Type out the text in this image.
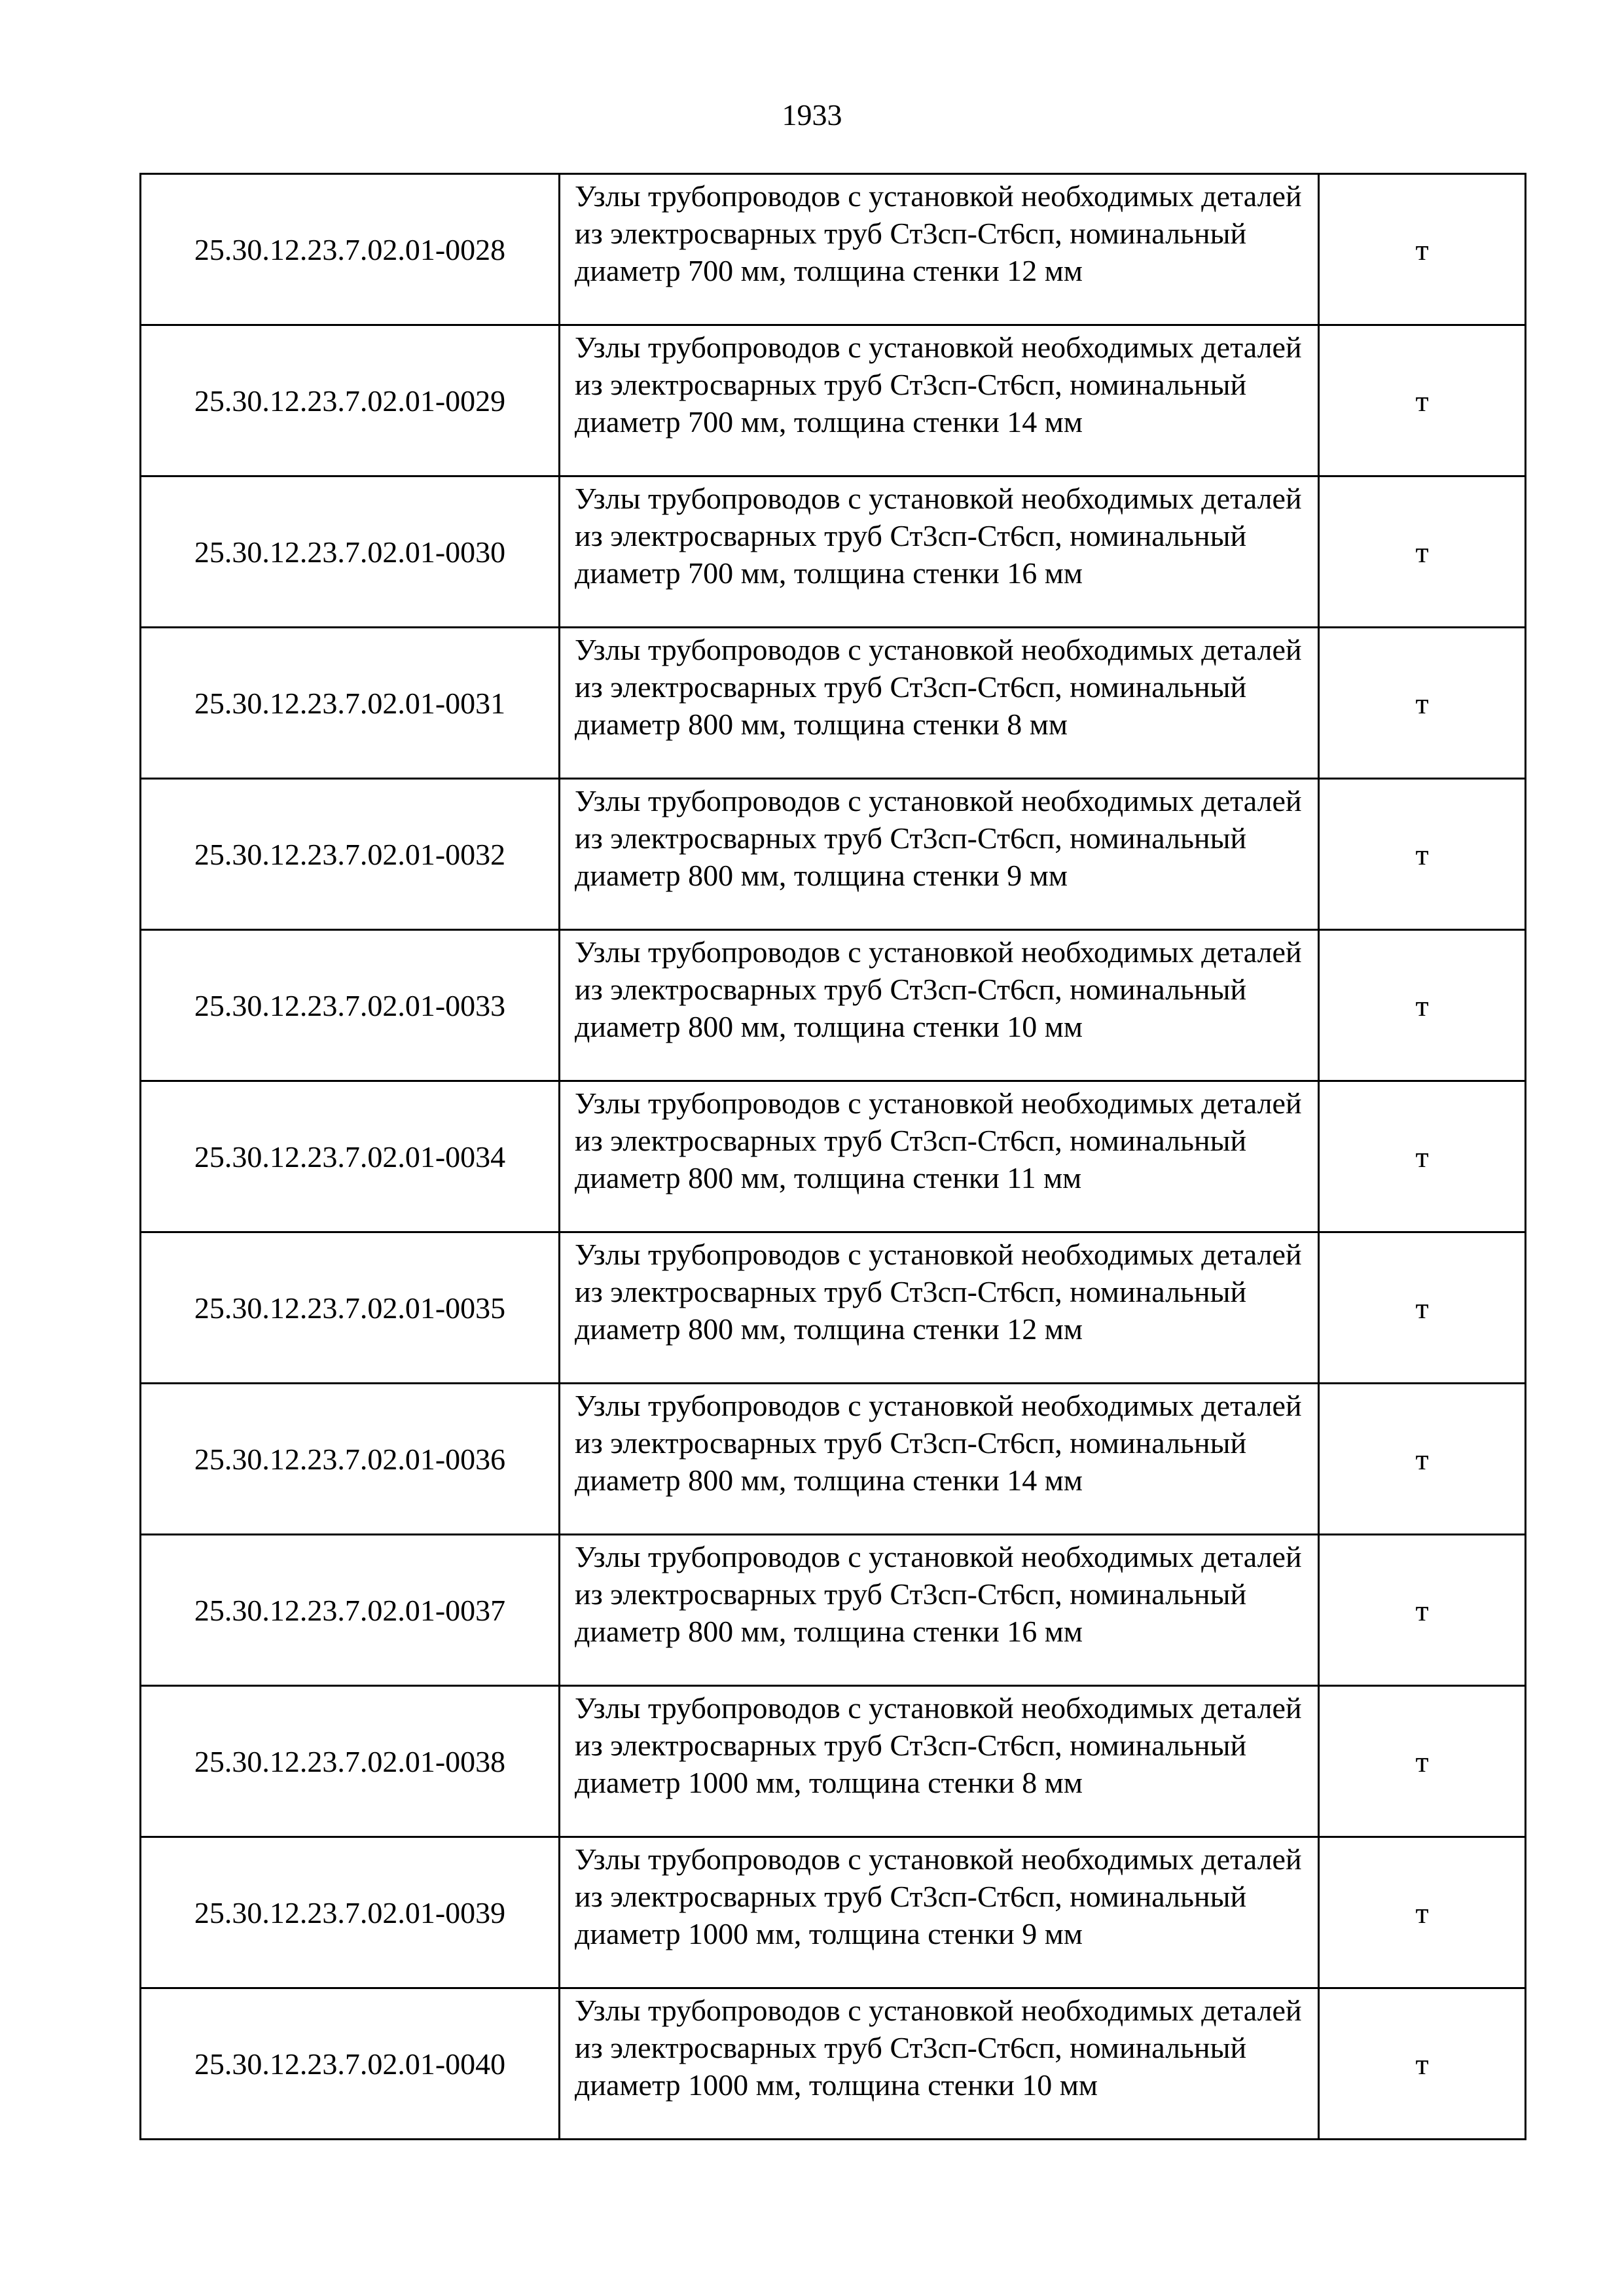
1933
25.30.12.23.7.02.01-0028	Узлы трубопроводов с установкой необходимых деталей из электросварных труб Ст3сп-Ст6сп, номинальный диаметр 700 мм, толщина стенки 12 мм	т
25.30.12.23.7.02.01-0029	Узлы трубопроводов с установкой необходимых деталей из электросварных труб Ст3сп-Ст6сп, номинальный диаметр 700 мм, толщина стенки 14 мм	т
25.30.12.23.7.02.01-0030	Узлы трубопроводов с установкой необходимых деталей из электросварных труб Ст3сп-Ст6сп, номинальный диаметр 700 мм, толщина стенки 16 мм	т
25.30.12.23.7.02.01-0031	Узлы трубопроводов с установкой необходимых деталей из электросварных труб Ст3сп-Ст6сп, номинальный диаметр 800 мм, толщина стенки 8 мм	т
25.30.12.23.7.02.01-0032	Узлы трубопроводов с установкой необходимых деталей из электросварных труб Ст3сп-Ст6сп, номинальный диаметр 800 мм, толщина стенки 9 мм	т
25.30.12.23.7.02.01-0033	Узлы трубопроводов с установкой необходимых деталей из электросварных труб Ст3сп-Ст6сп, номинальный диаметр 800 мм, толщина стенки 10 мм	т
25.30.12.23.7.02.01-0034	Узлы трубопроводов с установкой необходимых деталей из электросварных труб Ст3сп-Ст6сп, номинальный диаметр 800 мм, толщина стенки 11 мм	т
25.30.12.23.7.02.01-0035	Узлы трубопроводов с установкой необходимых деталей из электросварных труб Ст3сп-Ст6сп, номинальный диаметр 800 мм, толщина стенки 12 мм	т
25.30.12.23.7.02.01-0036	Узлы трубопроводов с установкой необходимых деталей из электросварных труб Ст3сп-Ст6сп, номинальный диаметр 800 мм, толщина стенки 14 мм	т
25.30.12.23.7.02.01-0037	Узлы трубопроводов с установкой необходимых деталей из электросварных труб Ст3сп-Ст6сп, номинальный диаметр 800 мм, толщина стенки 16 мм	т
25.30.12.23.7.02.01-0038	Узлы трубопроводов с установкой необходимых деталей из электросварных труб Ст3сп-Ст6сп, номинальный диаметр 1000 мм, толщина стенки 8 мм	т
25.30.12.23.7.02.01-0039	Узлы трубопроводов с установкой необходимых деталей из электросварных труб Ст3сп-Ст6сп, номинальный диаметр 1000 мм, толщина стенки 9 мм	т
25.30.12.23.7.02.01-0040	Узлы трубопроводов с установкой необходимых деталей из электросварных труб Ст3сп-Ст6сп, номинальный диаметр 1000 мм, толщина стенки 10 мм	т
